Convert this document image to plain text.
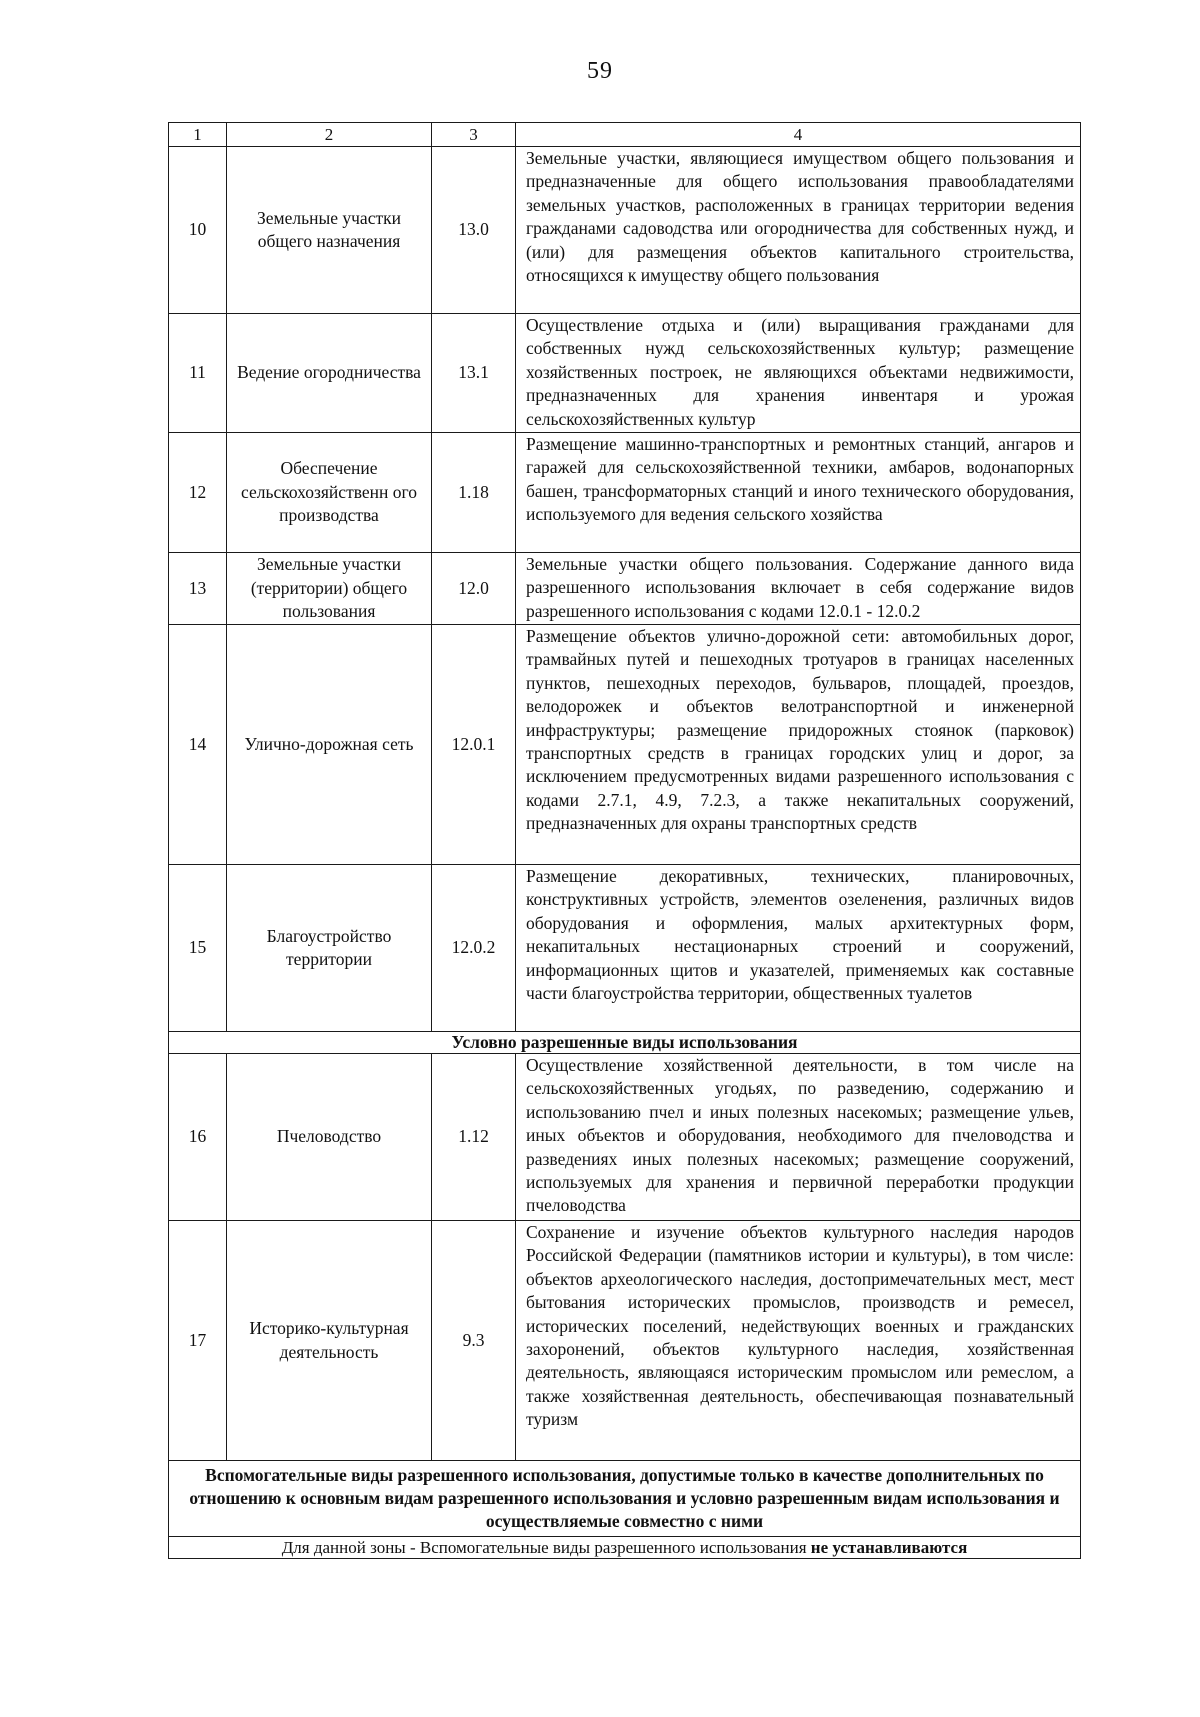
59
1	2	3	4
10	Земельные участки общего назначения	13.0	Земельные участки, являющиеся имуществом общего пользования и предназначенные для общего использования правообладателями земельных участков, расположенных в границах территории ведения гражданами садоводства или огородничества для собственных нужд, и (или) для размещения объектов капитального строительства, относящихся к имуществу общего пользования
11	Ведение огородничества	13.1	Осуществление отдыха и (или) выращивания гражданами для собственных нужд сельскохозяйственных культур; размещение хозяйственных построек, не являющихся объектами недвижимости, предназначенных для хранения инвентаря и урожая сельскохозяйственных культур
12	Обеспечение сельскохозяйственн ого производства	1.18	Размещение машинно-транспортных и ремонтных станций, ангаров и гаражей для сельскохозяйственной техники, амбаров, водонапорных башен, трансформаторных станций и иного технического оборудования, используемого для ведения сельского хозяйства
13	Земельные участки (территории) общего пользования	12.0	Земельные участки общего пользования. Содержание данного вида разрешенного использования включает в себя содержание видов разрешенного использования с кодами 12.0.1 - 12.0.2
14	Улично-дорожная сеть	12.0.1	Размещение объектов улично-дорожной сети: автомобильных дорог, трамвайных путей и пешеходных тротуаров в границах населенных пунктов, пешеходных переходов, бульваров, площадей, проездов, велодорожек и объектов велотранспортной и инженерной инфраструктуры; размещение придорожных стоянок (парковок) транспортных средств в границах городских улиц и дорог, за исключением предусмотренных видами разрешенного использования с кодами 2.7.1, 4.9, 7.2.3, а также некапитальных сооружений, предназначенных для охраны транспортных средств
15	Благоустройство территории	12.0.2	Размещение декоративных, технических, планировочных, конструктивных устройств, элементов озеленения, различных видов оборудования и оформления, малых архитектурных форм, некапитальных нестационарных строений и сооружений, информационных щитов и указателей, применяемых как составные части благоустройства территории, общественных туалетов
Условно разрешенные виды использования			
16	Пчеловодство	1.12	Осуществление хозяйственной деятельности, в том числе на сельскохозяйственных угодьях, по разведению, содержанию и использованию пчел и иных полезных насекомых; размещение ульев, иных объектов и оборудования, необходимого для пчеловодства и разведениях иных полезных насекомых; размещение сооружений, используемых для хранения и первичной переработки продукции пчеловодства
17	Историко-культурная деятельность	9.3	Сохранение и изучение объектов культурного наследия народов Российской Федерации (памятников истории и культуры), в том числе: объектов археологического наследия, достопримечательных мест, мест бытования исторических промыслов, производств и ремесел, исторических поселений, недействующих военных и гражданских захоронений, объектов культурного наследия, хозяйственная деятельность, являющаяся историческим промыслом или ремеслом, а также хозяйственная деятельность, обеспечивающая познавательный туризм
Вспомогательные виды разрешенного использования, допустимые только в качестве дополнительных по отношению к основным видам разрешенного использования и условно разрешенным видам использования и осуществляемые совместно с ними			
Для данной зоны - Вспомогательные виды разрешенного использования не устанавливаются			
